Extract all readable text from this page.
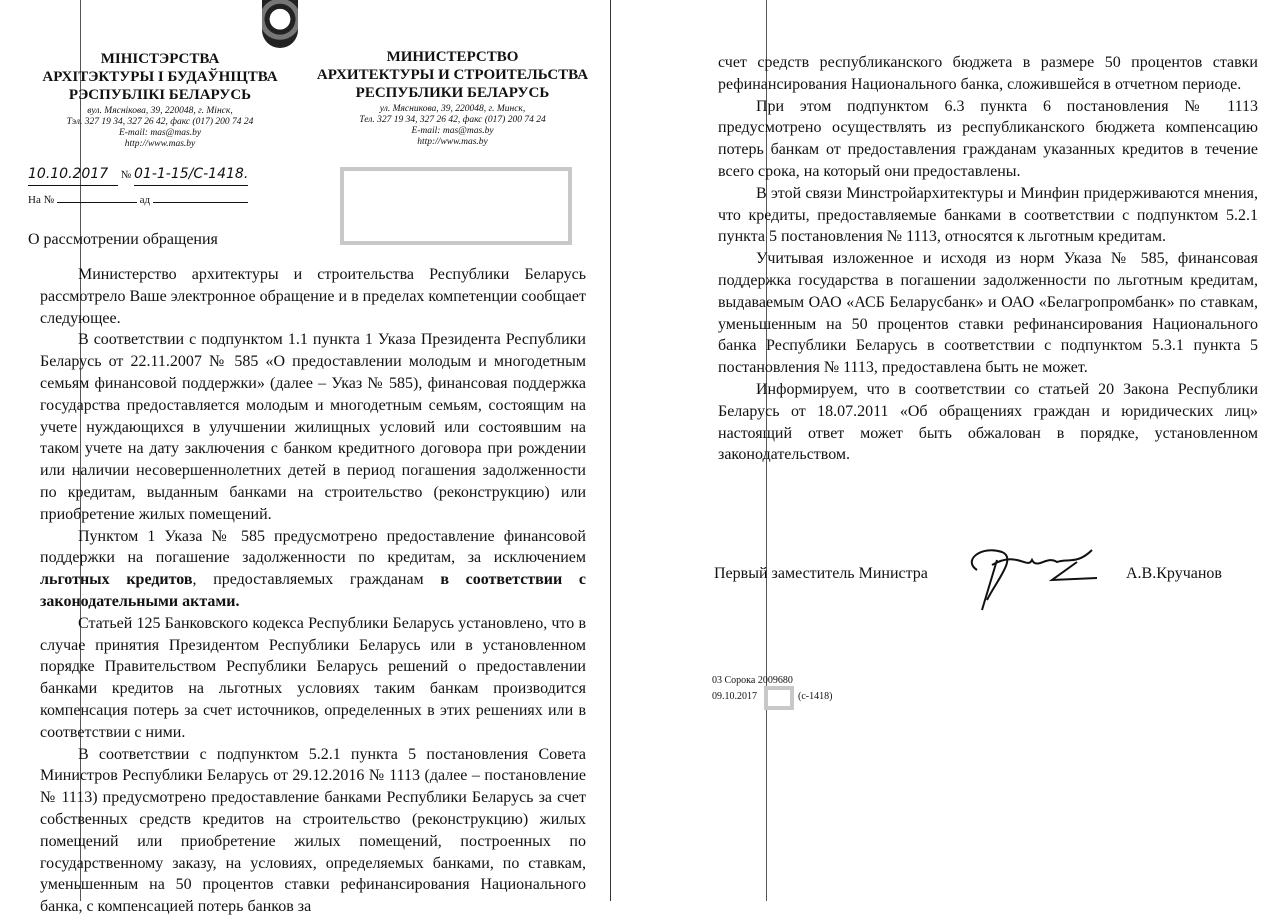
МІНІСТЭРСТВА
АРХІТЭКТУРЫ І БУДАЎНІЦТВА
РЭСПУБЛІКІ БЕЛАРУСЬ
вул. Мяснікова, 39, 220048, г. Мінск,
Тэл. 327 19 34, 327 26 42, факс (017) 200 74 24
E-mail: mas@mas.by
http://www.mas.by
МИНИСТЕРСТВО
АРХИТЕКТУРЫ И СТРОИТЕЛЬСТВА
РЕСПУБЛИКИ БЕЛАРУСЬ
ул. Мясникова, 39, 220048, г. Минск,
Тел. 327 19 34, 327 26 42, факс (017) 200 74 24
E-mail: mas@mas.by
http://www.mas.by
10.10.2017 № 01-1-15/С-1418.
На №	ад
О рассмотрении обращения

Министерство архитектуры и строительства Республики Беларусь рассмотрело Ваше электронное обращение и в пределах компетенции сообщает следующее.

В соответствии с подпунктом 1.1 пункта 1 Указа Президента Республики Беларусь от 22.11.2007 № 585 «О предоставлении молодым и многодетным семьям финансовой поддержки» (далее – Указ № 585), финансовая поддержка государства предоставляется молодым и многодетным семьям, состоящим на учете нуждающихся в улучшении жилищных условий или состоявшим на таком учете на дату заключения с банком кредитного договора при рождении или наличии несовершеннолетних детей в период погашения задолженности по кредитам, выданным банками на строительство (реконструкцию) или приобретение жилых помещений.

Пунктом 1 Указа № 585 предусмотрено предоставление финансовой поддержки на погашение задолженности по кредитам, за исключением льготных кредитов, предоставляемых гражданам в соответствии с законодательными актами.

Статьей 125 Банковского кодекса Республики Беларусь установлено, что в случае принятия Президентом Республики Беларусь или в установленном порядке Правительством Республики Беларусь решений о предоставлении банками кредитов на льготных условиях таким банкам производится компенсация потерь за счет источников, определенных в этих решениях или в соответствии с ними.

В соответствии с подпунктом 5.2.1 пункта 5 постановления Совета Министров Республики Беларусь от 29.12.2016 № 1113 (далее – постановление № 1113) предусмотрено предоставление банками Республики Беларусь за счет собственных средств кредитов на строительство (реконструкцию) жилых помещений или приобретение жилых помещений, построенных по государственному заказу, на условиях, определяемых банками, по ставкам, уменьшенным на 50 процентов ставки рефинансирования Национального банка, с компенсацией потерь банков за

счет средств республиканского бюджета в размере 50 процентов ставки рефинансирования Национального банка, сложившейся в отчетном периоде.

При этом подпунктом 6.3 пункта 6 постановления № 1113 предусмотрено осуществлять из республиканского бюджета компенсацию потерь банкам от предоставления гражданам указанных кредитов в течение всего срока, на который они предоставлены.

В этой связи Минстройархитектуры и Минфин придерживаются мнения, что кредиты, предоставляемые банками в соответствии с подпунктом 5.2.1 пункта 5 постановления № 1113, относятся к льготным кредитам.

Учитывая изложенное и исходя из норм Указа № 585, финансовая поддержка государства в погашении задолженности по льготным кредитам, выдаваемым ОАО «АСБ Беларусбанк» и ОАО «Белагропромбанк» по ставкам, уменьшенным на 50 процентов ставки рефинансирования Национального банка Республики Беларусь в соответствии с подпунктом 5.3.1 пункта 5 постановления № 1113, предоставлена быть не может.

Информируем, что в соответствии со статьей 20 Закона Республики Беларусь от 18.07.2011 «Об обращениях граждан и юридических лиц» настоящий ответ может быть обжалован в порядке, установленном законодательством.

Первый заместитель Министра	А.В.Кручанов
03 Сорока 2009680
09.10.2017	(с-1418)
